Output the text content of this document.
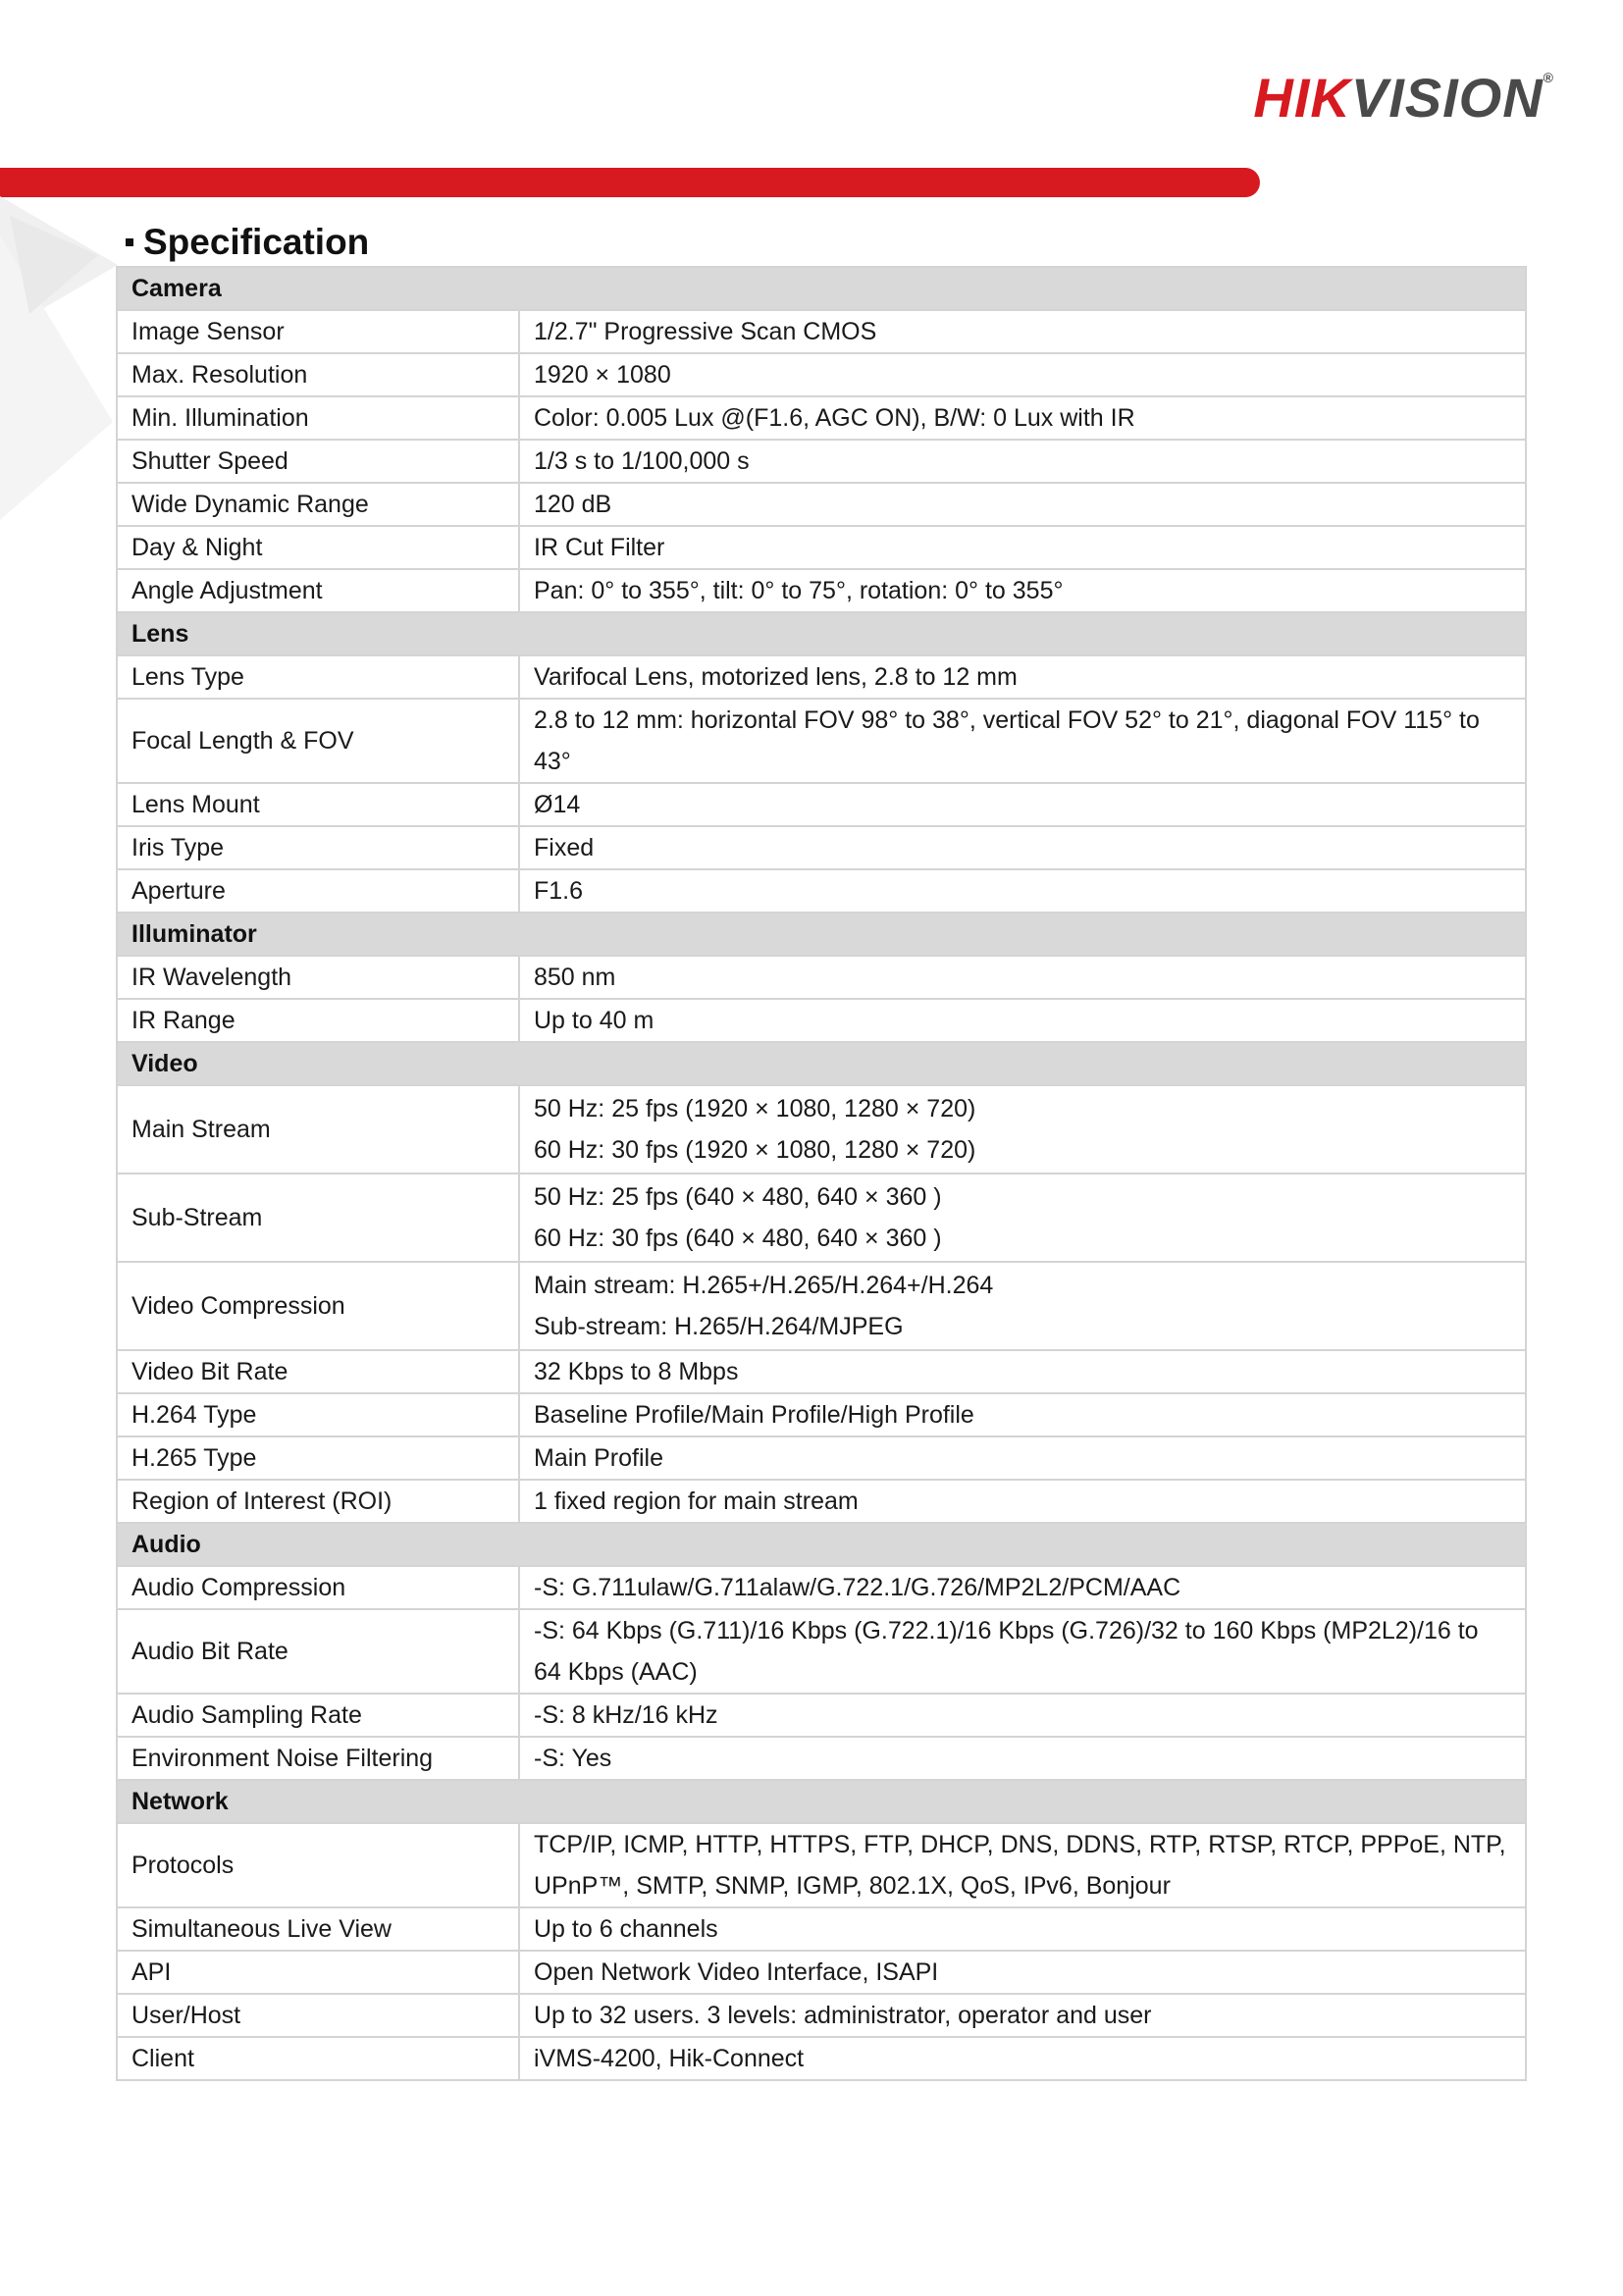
HIKVISION®
Specification
Camera	
Image Sensor	1/2.7" Progressive Scan CMOS

Max. Resolution	1920 × 1080

Min. Illumination	Color: 0.005 Lux @(F1.6, AGC ON), B/W: 0 Lux with IR

Shutter Speed	1/3 s to 1/100,000 s

Wide Dynamic Range	120 dB

Day & Night	IR Cut Filter

Angle Adjustment	Pan: 0° to 355°, tilt: 0° to 75°, rotation: 0° to 355°

Lens	
Lens Type	Varifocal Lens, motorized lens, 2.8 to 12 mm

Focal Length & FOV	2.8 to 12 mm: horizontal FOV 98° to 38°, vertical FOV 52° to 21°, diagonal FOV 115° to 43°

Lens Mount	Ø14

Iris Type	Fixed

Aperture	F1.6

Illuminator	
IR Wavelength	850 nm

IR Range	Up to 40 m

Video	
Main Stream	50 Hz: 25 fps (1920 × 1080, 1280 × 720)
60 Hz: 30 fps (1920 × 1080, 1280 × 720)

Sub-Stream	50 Hz: 25 fps (640 × 480, 640 × 360 )
60 Hz: 30 fps (640 × 480, 640 × 360 )

Video Compression	Main stream: H.265+/H.265/H.264+/H.264
Sub-stream: H.265/H.264/MJPEG

Video Bit Rate	32 Kbps to 8 Mbps

H.264 Type	Baseline Profile/Main Profile/High Profile

H.265 Type	Main Profile

Region of Interest (ROI)	1 fixed region for main stream

Audio	
Audio Compression	-S: G.711ulaw/G.711alaw/G.722.1/G.726/MP2L2/PCM/AAC

Audio Bit Rate	-S: 64 Kbps (G.711)/16 Kbps (G.722.1)/16 Kbps (G.726)/32 to 160 Kbps (MP2L2)/16 to 64 Kbps (AAC)

Audio Sampling Rate	-S: 8 kHz/16 kHz

Environment Noise Filtering	-S: Yes

Network	
Protocols	TCP/IP, ICMP, HTTP, HTTPS, FTP, DHCP, DNS, DDNS, RTP, RTSP, RTCP, PPPoE, NTP, UPnP™, SMTP, SNMP, IGMP, 802.1X, QoS, IPv6, Bonjour

Simultaneous Live View	Up to 6 channels

API	Open Network Video Interface, ISAPI

User/Host	Up to 32 users. 3 levels: administrator, operator and user

Client	iVMS-4200, Hik-Connect
